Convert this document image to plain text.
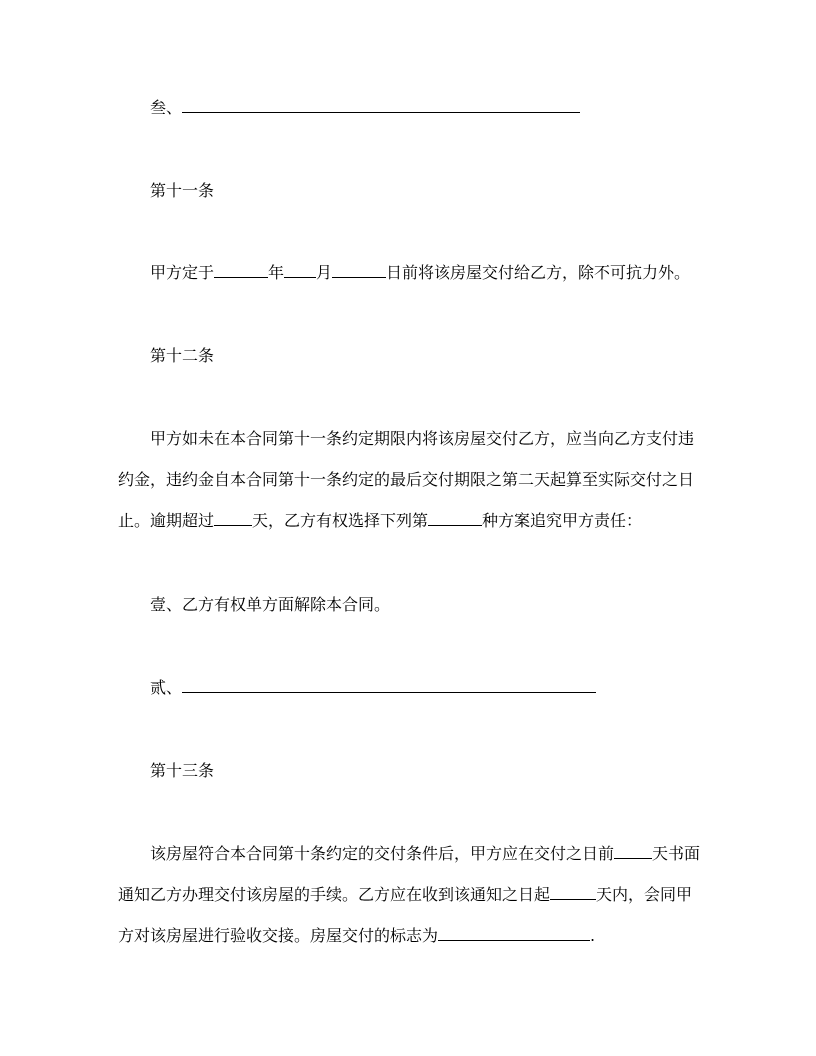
叁、
第十一条
甲方定于	年 月	日前将该房屋交付给乙方，除不可抗力外。
第十二条
甲方如未在本合同第十一条约定期限内将该房屋交付乙方，应当向乙方支付违
约金，违约金自本合同第十一条约定的最后交付期限之第二天起算至实际交付之日
止。逾期超过 天，乙方有权选择下列第	种方案追究甲方责任：
壹、乙方有权单方面解除本合同。
贰、
第十三条
该房屋符合本合同第十条约定的交付条件后，甲方应在交付之日前 天书面
通知乙方办理交付该房屋的手续。乙方应在收到该通知之日起	天内，会同甲
方对该房屋进行验收交接。房屋交付的标志为	.
